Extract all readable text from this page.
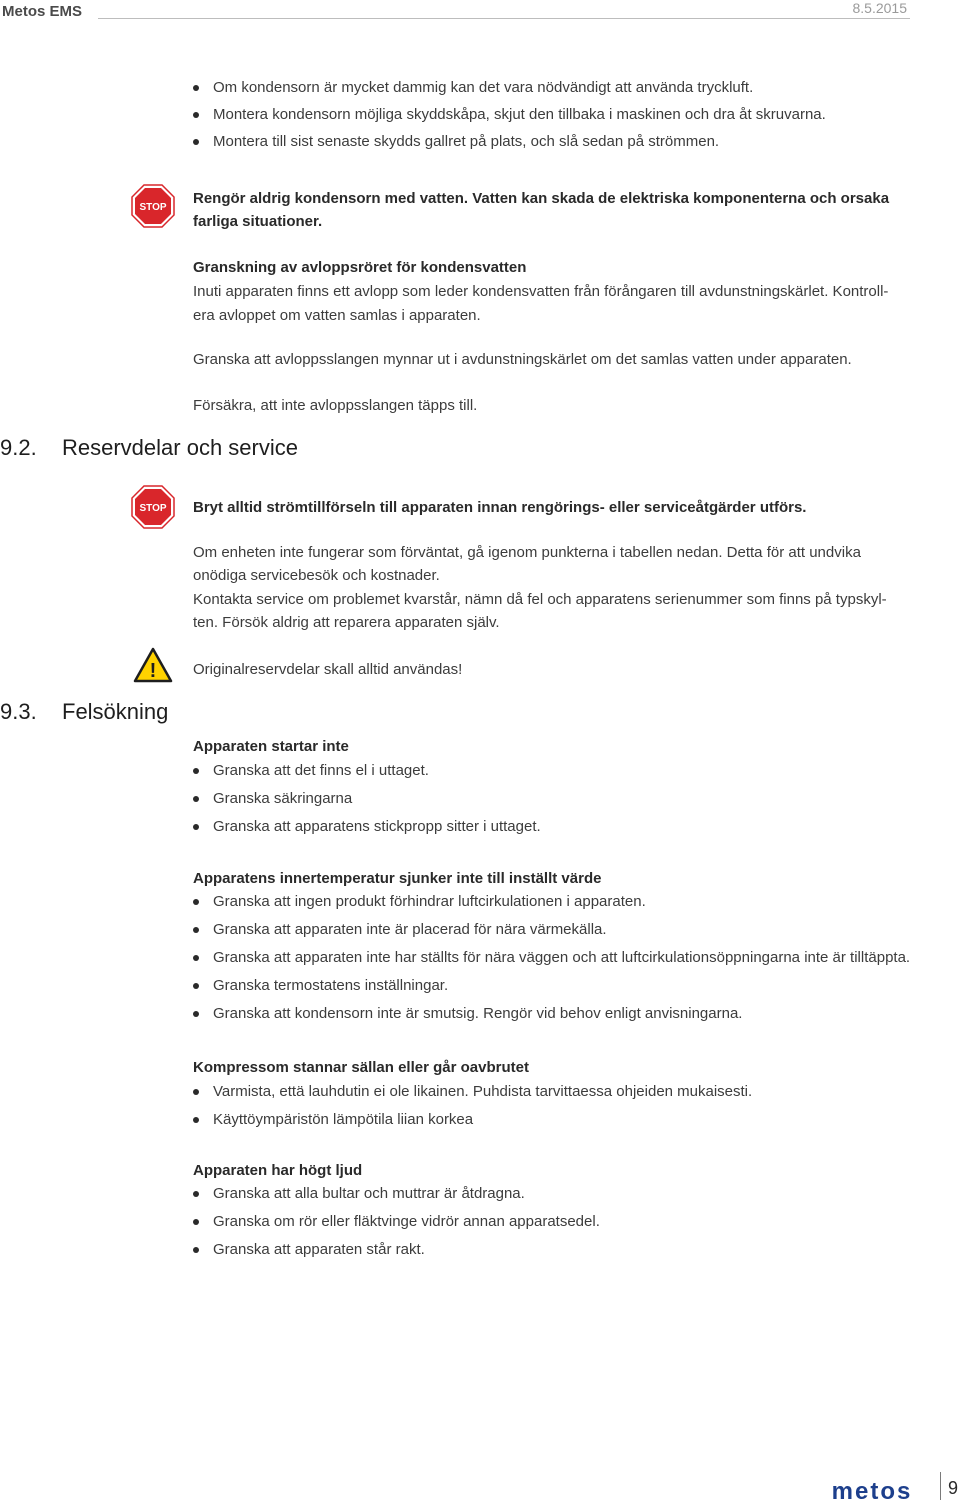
Metos EMS	8.5.2015
Om kondensorn är mycket dammig kan det vara nödvändigt att använda tryckluft.
Montera kondensorn möjliga skyddskåpa, skjut den tillbaka i maskinen och dra åt skruvarna.
Montera till sist senaste skydds gallret på plats, och slå sedan på strömmen.
STOP
Rengör aldrig kondensorn med vatten. Vatten kan skada de elektriska komponenterna och orsaka
farliga situationer.
Granskning av avloppsröret för kondensvatten
Inuti apparaten finns ett avlopp som leder kondensvatten från förångaren till avdunstningskärlet. Kontroll-
era avloppet om vatten samlas i apparaten.
Granska att avloppsslangen mynnar ut i avdunstningskärlet om det samlas vatten under apparaten.
Försäkra, att inte avloppsslangen täpps till.
9.2. Reservdelar och service
STOP Bryt alltid strömtillförseln till apparaten innan rengörings- eller serviceåtgärder utförs.
Om enheten inte fungerar som förväntat, gå igenom punkterna i tabellen nedan. Detta för att undvika
onödiga servicebesök och kostnader.
Kontakta service om problemet kvarstår, nämn då fel och apparatens serienummer som finns på typskyl-
ten. Försök aldrig att reparera apparaten själv.
! Originalreservdelar skall alltid användas!
9.3. Felsökning
Apparaten startar inte
Granska att det finns el i uttaget.
Granska säkringarna
Granska att apparatens stickpropp sitter i uttaget.
Apparatens innertemperatur sjunker inte till inställt värde
Granska att ingen produkt förhindrar luftcirkulationen i apparaten.
Granska att apparaten inte är placerad för nära värmekälla.
Granska att apparaten inte har ställts för nära väggen och att luftcirkulationsöppningarna inte är tilltäppta.
Granska termostatens inställningar.
Granska att kondensorn inte är smutsig. Rengör vid behov enligt anvisningarna.
Kompressom stannar sällan eller går oavbrutet
Varmista, että lauhdutin ei ole likainen. Puhdista tarvittaessa ohjeiden mukaisesti.
Käyttöympäristön lämpötila liian korkea
Apparaten har högt ljud
Granska att alla bultar och muttrar är åtdragna.
Granska om rör eller fläktvinge vidrör annan apparatsedel.
Granska att apparaten står rakt.
metos 9
